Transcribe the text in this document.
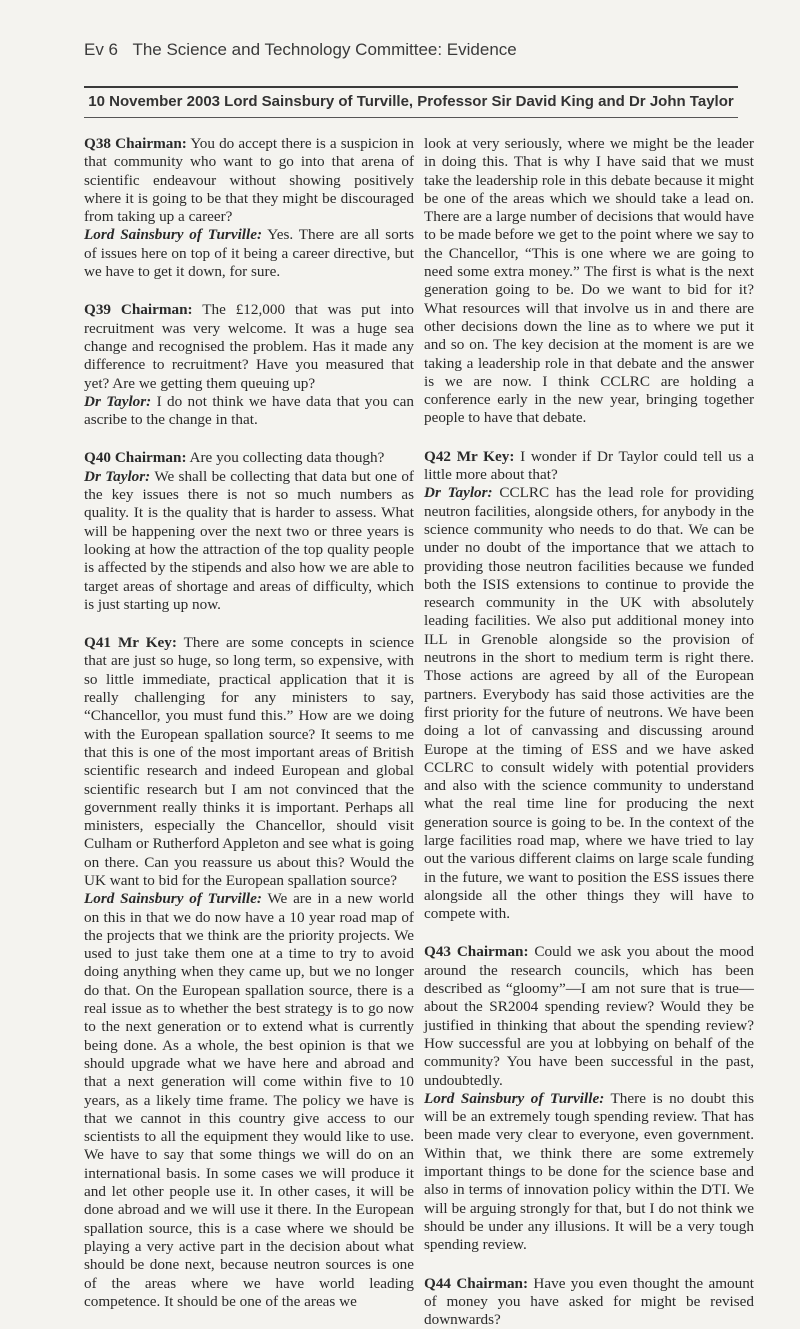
Ev 6 The Science and Technology Committee: Evidence
10 November 2003 Lord Sainsbury of Turville, Professor Sir David King and Dr John Taylor

Q38 Chairman: You do accept there is a suspicion in that community who want to go into that arena of scientific endeavour without showing positively where it is going to be that they might be discouraged from taking up a career?

Lord Sainsbury of Turville: Yes. There are all sorts of issues here on top of it being a career directive, but we have to get it down, for sure.

Q39 Chairman: The £12,000 that was put into recruitment was very welcome. It was a huge sea change and recognised the problem. Has it made any difference to recruitment? Have you measured that yet? Are we getting them queuing up?

Dr Taylor: I do not think we have data that you can ascribe to the change in that.

Q40 Chairman: Are you collecting data though?

Dr Taylor: We shall be collecting that data but one of the key issues there is not so much numbers as quality. It is the quality that is harder to assess. What will be happening over the next two or three years is looking at how the attraction of the top quality people is affected by the stipends and also how we are able to target areas of shortage and areas of difficulty, which is just starting up now.

Q41 Mr Key: There are some concepts in science that are just so huge, so long term, so expensive, with so little immediate, practical application that it is really challenging for any ministers to say, “Chancellor, you must fund this.” How are we doing with the European spallation source? It seems to me that this is one of the most important areas of British scientific research and indeed European and global scientific research but I am not convinced that the government really thinks it is important. Perhaps all ministers, especially the Chancellor, should visit Culham or Rutherford Appleton and see what is going on there. Can you reassure us about this? Would the UK want to bid for the European spallation source?

Lord Sainsbury of Turville: We are in a new world on this in that we do now have a 10 year road map of the projects that we think are the priority projects. We used to just take them one at a time to try to avoid doing anything when they came up, but we no longer do that. On the European spallation source, there is a real issue as to whether the best strategy is to go now to the next generation or to extend what is currently being done. As a whole, the best opinion is that we should upgrade what we have here and abroad and that a next generation will come within five to 10 years, as a likely time frame. The policy we have is that we cannot in this country give access to our scientists to all the equipment they would like to use. We have to say that some things we will do on an international basis. In some cases we will produce it and let other people use it. In other cases, it will be done abroad and we will use it there. In the European spallation source, this is a case where we should be playing a very active part in the decision about what should be done next, because neutron sources is one of the areas where we have world leading competence. It should be one of the areas we

look at very seriously, where we might be the leader in doing this. That is why I have said that we must take the leadership role in this debate because it might be one of the areas which we should take a lead on. There are a large number of decisions that would have to be made before we get to the point where we say to the Chancellor, “This is one where we are going to need some extra money.” The first is what is the next generation going to be. Do we want to bid for it? What resources will that involve us in and there are other decisions down the line as to where we put it and so on. The key decision at the moment is are we taking a leadership role in that debate and the answer is we are now. I think CCLRC are holding a conference early in the new year, bringing together people to have that debate.

Q42 Mr Key: I wonder if Dr Taylor could tell us a little more about that?

Dr Taylor: CCLRC has the lead role for providing neutron facilities, alongside others, for anybody in the science community who needs to do that. We can be under no doubt of the importance that we attach to providing those neutron facilities because we funded both the ISIS extensions to continue to provide the research community in the UK with absolutely leading facilities. We also put additional money into ILL in Grenoble alongside so the provision of neutrons in the short to medium term is right there. Those actions are agreed by all of the European partners. Everybody has said those activities are the first priority for the future of neutrons. We have been doing a lot of canvassing and discussing around Europe at the timing of ESS and we have asked CCLRC to consult widely with potential providers and also with the science community to understand what the real time line for producing the next generation source is going to be. In the context of the large facilities road map, where we have tried to lay out the various different claims on large scale funding in the future, we want to position the ESS issues there alongside all the other things they will have to compete with.

Q43 Chairman: Could we ask you about the mood around the research councils, which has been described as “gloomy”—I am not sure that is true—about the SR2004 spending review? Would they be justified in thinking that about the spending review? How successful are you at lobbying on behalf of the community? You have been successful in the past, undoubtedly.

Lord Sainsbury of Turville: There is no doubt this will be an extremely tough spending review. That has been made very clear to everyone, even government. Within that, we think there are some extremely important things to be done for the science base and also in terms of innovation policy within the DTI. We will be arguing strongly for that, but I do not think we should be under any illusions. It will be a very tough spending review.

Q44 Chairman: Have you even thought the amount of money you have asked for might be revised downwards?
